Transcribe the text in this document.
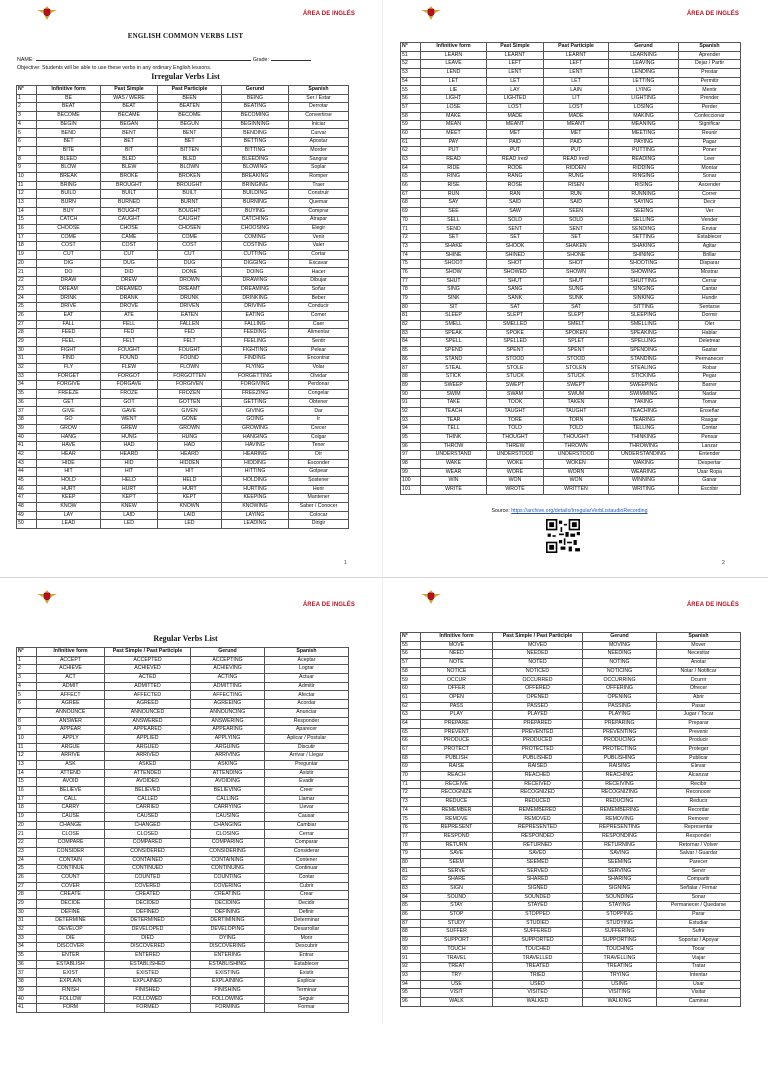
ÁREA DE INGLÉS
ENGLISH COMMON VERBS LIST
NAME:	Grade:
Objective: Students will be able to use these verbs in any ordinary English lessons.
Irregular Verbs List
N°	Infinitive form	Past Simple	Past Participle	Gerund	Spanish
1	BE	WAS / WERE	BEEN	BEING	Ser / Estar
2	BEAT	BEAT	BEATEN	BEATING	Derrotar
3	BECOME	BECAME	BECOME	BECOMING	Convertirse
4	BEGIN	BEGAN	BEGUN	BEGINNING	Iniciar
5	BEND	BENT	BENT	BENDING	Curvar
6	BET	BET	BET	BETTING	Apostar
7	BITE	BIT	BITTEN	BITTING	Morder
8	BLEED	BLED	BLED	BLEEDING	Sangrar
9	BLOW	BLEW	BLOWN	BLOWING	Soplar
10	BREAK	BROKE	BROKEN	BREAKING	Romper
11	BRING	BROUGHT	BROUGHT	BRINGING	Traer
12	BUILD	BUILT	BUILT	BUILDING	Construir
13	BURN	BURNED	BURNT	BURNING	Quemar
14	BUY	BOUGHT	BOUGHT	BUYING	Comprar
15	CATCH	CAUGHT	CAUGHT	CATCHING	Atrapar
16	CHOOSE	CHOSE	CHOSEN	CHOOSING	Elegir
17	COME	CAME	COME	COMING	Venir
18	COST	COST	COST	COSTING	Valer
19	CUT	CUT	CUT	CUTTING	Cortar
20	DIG	DUG	DUG	DIGGING	Excavar
21	DO	DID	DONE	DOING	Hacer
22	DRAW	DREW	DROWN	DRAWING	Dibujar
23	DREAM	DREAMED	DREAMT	DREAMING	Soñar
24	DRINK	DRANK	DRUNK	DRINKING	Beber
25	DRIVE	DROVE	DRIVEN	DRIVING	Conducir
26	EAT	ATE	EATEN	EATING	Comer
27	FALL	FELL	FALLEN	FALLING	Caer
28	FEED	FED	FED	FEEDING	Alimentar
29	FEEL	FELT	FELT	FEELING	Sentir
30	FIGHT	FOUGHT	FOUGHT	FIGHTING	Pelear
31	FIND	FOUND	FOUND	FINDING	Encontrar
32	FLY	FLEW	FLOWN	FLYING	Volar
33	FORGET	FORGOT	FORGOTTEN	FORGETTING	Olvidar
34	FORGIVE	FORGAVE	FORGIVEN	FORGIVING	Perdonar
35	FREEZE	FROZE	FROZEN	FREEZING	Congelar
36	GET	GOT	GOTTEN	GETTING	Obtener
37	GIVE	GAVE	GIVEN	GIVING	Dar
38	GO	WENT	GONE	GOING	Ir
39	GROW	GREW	GROWN	GROWING	Crecer
40	HANG	HUNG	HUNG	HANGING	Colgar
41	HAVE	HAD	HAD	HAVING	Tener
42	HEAR	HEARD	HEARD	HEARING	Oír
43	HIDE	HID	HIDDEN	HIDDING	Esconder
44	HIT	HIT	HIT	HITTING	Golpear
45	HOLD	HELD	HELD	HOLDING	Sostener
46	HURT	HURT	HURT	HURTING	Herir
47	KEEP	KEPT	KEPT	KEEPING	Mantener
48	KNOW	KNEW	KNOWN	KNOWING	Saber / Conocer
49	LAY	LAID	LAID	LAYING	Colocar
50	LEAD	LED	LED	LEADING	Dirigir
1
ÁREA DE INGLÉS
N°	Infinitive form	Past Simple	Past Participle	Gerund	Spanish
51	LEARN	LEARNT	LEARNT	LEARNING	Aprender
52	LEAVE	LEFT	LEFT	LEAVING	Dejar / Partir
53	LEND	LENT	LENT	LENDING	Prestar
54	LET	LET	LET	LETTING	Permitir
55	LIE	LAY	LAIN	LYING	Mentir
56	LIGHT	LIGHTED	LIT	LIGHTING	Prender
57	LOSE	LOST	LOST	LOSING	Perder
58	MAKE	MADE	MADE	MAKING	Confeccionar
59	MEAN	MEANT	MEANT	MEANING	Significar
60	MEET	MET	MET	MEETING	Reunir
61	PAY	PAID	PAID	PAYING	Pagar
62	PUT	PUT	PUT	PUTTING	Poner
63	READ	READ /red/	READ /red/	READING	Leer
64	RIDE	RODE	RIDDEN	RIDDING	Montar
65	RING	RANG	RUNG	RINGING	Sonar
66	RISE	ROSE	RISEN	RISING	Ascender
67	RUN	RAN	RUN	RUNNING	Correr
68	SAY	SAID	SAID	SAYING	Decir
69	SEE	SAW	SEEN	SEEING	Ver
70	SELL	SOLD	SOLD	SELLING	Vender
71	SEND	SENT	SENT	SENDING	Enviar
72	SET	SET	SET	SETTING	Establecer
73	SHAKE	SHOOK	SHAKEN	SHAKING	Agitar
74	SHINE	SHINED	SHONE	SHINING	Brillar
75	SHOOT	SHOT	SHOT	SHOOTING	Disparar
76	SHOW	SHOWED	SHOWN	SHOWING	Mostrar
77	SHUT	SHUT	SHUT	SHUTTING	Cerrar
78	SING	SANG	SUNG	SINGING	Cantar
79	SINK	SANK	SUNK	SINKING	Hundir
80	SIT	SAT	SAT	SITTING	Sentarse
81	SLEEP	SLEPT	SLEPT	SLEEPING	Dormir
82	SMELL	SMELLED	SMELT	SMELLING	Oler
83	SPEAK	SPOKE	SPOKEN	SPEAKING	Hablar
84	SPELL	SPELLED	SPLET	SPELLING	Deletrear
85	SPEND	SPENT	SPENT	SPENDING	Gastar
86	STAND	STOOD	STOOD	STANDING	Permanecer
87	STEAL	STOLE	STOLEN	STEALING	Robar
88	STICK	STUCK	STUCK	STICKING	Pegar
89	SWEEP	SWEPT	SWEPT	SWEEPING	Barrer
90	SWIM	SWAM	SWUM	SWIMMING	Nadar
91	TAKE	TOOK	TAKEN	TAKING	Tomar
92	TEACH	TAUGHT	TAUGHT	TEACHING	Enseñar
93	TEAR	TORE	TORN	TEARING	Rasgar
94	TELL	TOLD	TOLD	TELLING	Contar
95	THINK	THOUGHT	THOUGHT	THINKING	Pensar
96	THROW	THREW	THROWN	THROWING	Lanzar
97	UNDERSTAND	UNDERSTOOD	UNDERSTOOD	UNDERSTANDING	Entender
98	WAKE	WOKE	WOKEN	WAKING	Despertar
99	WEAR	WORE	WORN	WEARING	Usar Ropa
100	WIN	WON	WON	WINNING	Ganar
101	WRITE	WROTE	WRITTEN	WRITING	Escribir
Source: https://archive.org/details/IrregularVerbListaudioRecording
2
ÁREA DE INGLÉS
Regular Verbs List
N°	Infinitive form	Past Simple / Past Participle	Gerund	Spanish
1	ACCEPT	ACCEPTED	ACCEPTING	Aceptar
2	ACHIEVE	ACHIEVED	ACHIEVING	Lograr
3	ACT	ACTED	ACTING	Actuar
4	ADMIT	ADMITTED	ADMITTING	Admitir
5	AFFECT	AFFECTED	AFFECTING	Afectar
6	AGREE	AGREED	AGREEING	Acordar
7	ANNOUNCE	ANNOUNCED	ANNOUNCING	Anunciar
8	ANSWER	ANSWERED	ANSWERING	Responder
9	APPEAR	APPEARED	APPEARING	Aparecer
10	APPLY	APPLIED	APPLYING	Aplicar / Postular
11	ARGUE	ARGUED	ARGUING	Discutir
12	ARRIVE	ARRIVED	ARRIVING	Arrivar / Llegar
13	ASK	ASKED	ASKING	Preguntar
14	ATTEND	ATTENDED	ATTENDING	Asistir
15	AVOID	AVOIDED	AVOIDING	Evadir
16	BELIEVE	BELIEVED	BELIEVING	Creer
17	CALL	CALLED	CALLING	Llamar
18	CARRY	CARRIED	CARRYING	Llevar
19	CAUSE	CAUSED	CAUSING	Causar
20	CHANGE	CHANGED	CHANGING	Cambiar
21	CLOSE	CLOSED	CLOSING	Cerrar
22	COMPARE	COMPARED	COMPARING	Comparar
23	CONSIDER	CONSIDERED	CONSIDERING	Considerar
24	CONTAIN	CONTAINED	CONTAINING	Contener
25	CONTINUE	CONTINUED	CONTINUING	Continuar
26	COUNT	COUNTED	COUNTING	Contar
27	COVER	COVERED	COVERING	Cubrir
28	CREATE	CREATED	CREATING	Crear
29	DECIDE	DECIDED	DECIDING	Decidir
30	DEFINE	DEFINED	DEFINING	Definir
31	DETERMINE	DETERMINED	DERTIMINING	Determinar
32	DEVELOP	DEVELOPED	DEVELOPING	Desarrollar
33	DIE	DIED	DYING	Morir
34	DISCOVER	DISCOVERED	DISCOVERING	Descubrir
35	ENTER	ENTERED	ENTERING	Entrar
36	ESTABLISH	ESTABLISHED	ESTABLISHING	Establecer
37	EXIST	EXISTED	EXISTING	Existir
38	EXPLAIN	EXPLAINED	EXPLAINING	Explicar
39	FINISH	FINISHED	FINISHING	Terminar
40	FOLLOW	FOLLOWED	FOLLOWING	Seguir
41	FORM	FORMED	FORMING	Formar
ÁREA DE INGLÉS
N°	Infinitive form	Past Simple / Past Participle	Gerund	Spanish
55	MOVE	MOVED	MOVING	Mover
56	NEED	NEEDED	NEEDING	Necesitar
57	NOTE	NOTED	NOTING	Anotar
58	NOTICE	NOTICED	NOTICING	Notar / Notificar
59	OCCUR	OCCURRED	OCCURRING	Ocurrir
60	OFFER	OFFERED	OFFERING	Ofrecer
61	OPEN	OPENED	OPENING	Abrir
62	PASS	PASSED	PASSING	Pasar
63	PLAY	PLAYED	PLAYING	Jugar / Tocar
64	PREPARE	PREPARED	PREPARING	Preparar
65	PREVENT	PREVENTED	PREVENTING	Prevenir
66	PRODUCE	PRODUCED	PRODUCING	Producir
67	PROTECT	PROTECTED	PROTECTING	Proteger
68	PUBLISH	PUBLISHED	PUBLISHING	Publicar
69	RAISE	RAISED	RAISING	Elevar
70	REACH	REACHED	REACHING	Alcanzar
71	RECEIVE	RECEIVED	RECEIVING	Recibir
72	RECOGNIZE	RECOGNIZED	RECOGNIZING	Reconocer
73	REDUCE	REDUCED	REDUCING	Reducir
74	REMEMBER	REMEMBERED	REMEMBERING	Recordar
75	REMOVE	REMOVED	REMOVING	Remover
76	REPRESENT	REPRESENTED	REPRESENTING	Representar
77	RESPOND	RESPONDED	RESPONDING	Responder
78	RETURN	RETURNED	RETURNING	Retornar / Volver
79	SAVE	SAVED	SAVING	Salvar / Guardar
80	SEEM	SEEMED	SEEMING	Parecer
81	SERVE	SERVED	SERVING	Servir
82	SHARE	SHARED	SHARING	Compartir
83	SIGN	SIGNED	SIGNING	Señalar / Firmar
84	SOUND	SOUNDED	SOUNDING	Sonar
85	STAY	STAYED	STAYING	Permanecer / Quedarse
86	STOP	STOPPED	STOPPING	Parar
87	STUDY	STUDIED	STUDYING	Estudiar
88	SUFFER	SUFFERED	SUFFERING	Sufrir
89	SUPPORT	SUPPORTED	SUPPORTING	Soportar / Apoyar
90	TOUCH	TOUCHED	TOUCHING	Tocar
91	TRAVEL	TRAVELLED	TRAVELLING	Viajar
92	TREAT	TREATED	TREATING	Tratar
93	TRY	TRIED	TRYING	Intentar
94	USE	USED	USING	Usar
95	VISIT	VISITED	VISITING	Visitar
96	WALK	WALKED	WALKING	Caminar
